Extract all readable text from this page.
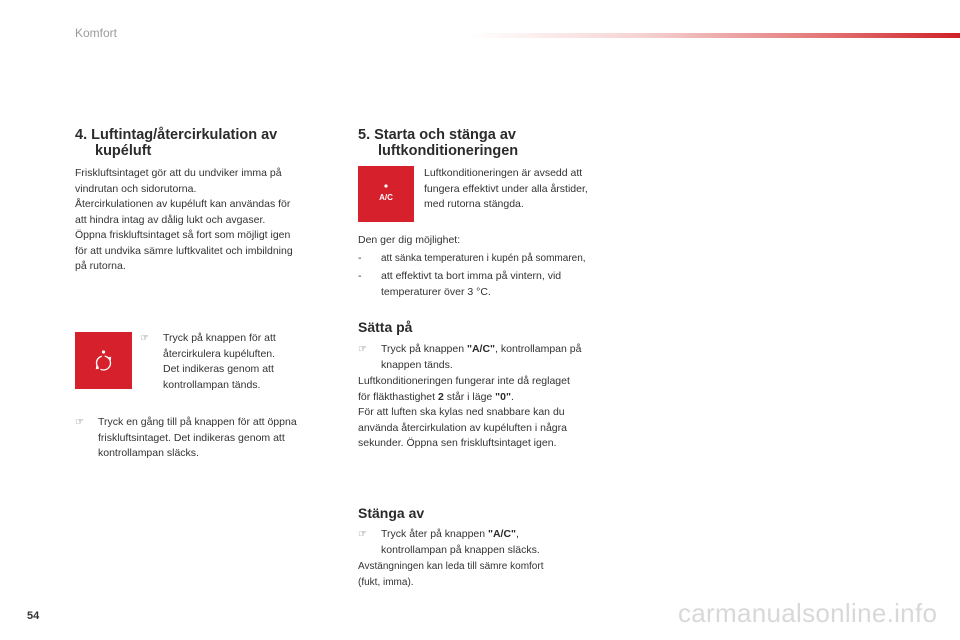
Komfort
4. Luftintag/återcirkulation av
kupéluft
Friskluftsintaget gör att du undviker imma på
vindrutan och sidorutorna.
Återcirkulationen av kupéluft kan användas för
att hindra intag av dålig lukt och avgaser.
Öppna friskluftsintaget så fort som möjligt igen
för att undvika sämre luftkvalitet och imbildning
på rutorna.
☞ Tryck på knappen för att
återcirkulera kupéluften.
Det indikeras genom att
kontrollampan tänds.
☞ Tryck en gång till på knappen för att öppna
friskluftsintaget. Det indikeras genom att
kontrollampan släcks.
5. Starta och stänga av
luftkonditioneringen
A/C
Luftkonditioneringen är avsedd att
fungera effektivt under alla årstider,
med rutorna stängda.
Den ger dig möjlighet:
- att sänka temperaturen i kupén på sommaren,
- att effektivt ta bort imma på vintern, vid
temperaturer över 3 °C.
Sätta på
☞ Tryck på knappen "A/C", kontrollampan på
knappen tänds.
Luftkonditioneringen fungerar inte då reglaget
för fläkthastighet 2 står i läge "0".
För att luften ska kylas ned snabbare kan du
använda återcirkulation av kupéluften i några
sekunder. Öppna sen friskluftsintaget igen.
Stänga av
☞ Tryck åter på knappen "A/C",
kontrollampan på knappen släcks.
Avstängningen kan leda till sämre komfort
(fukt, imma).
54	carmanualsonline.info
